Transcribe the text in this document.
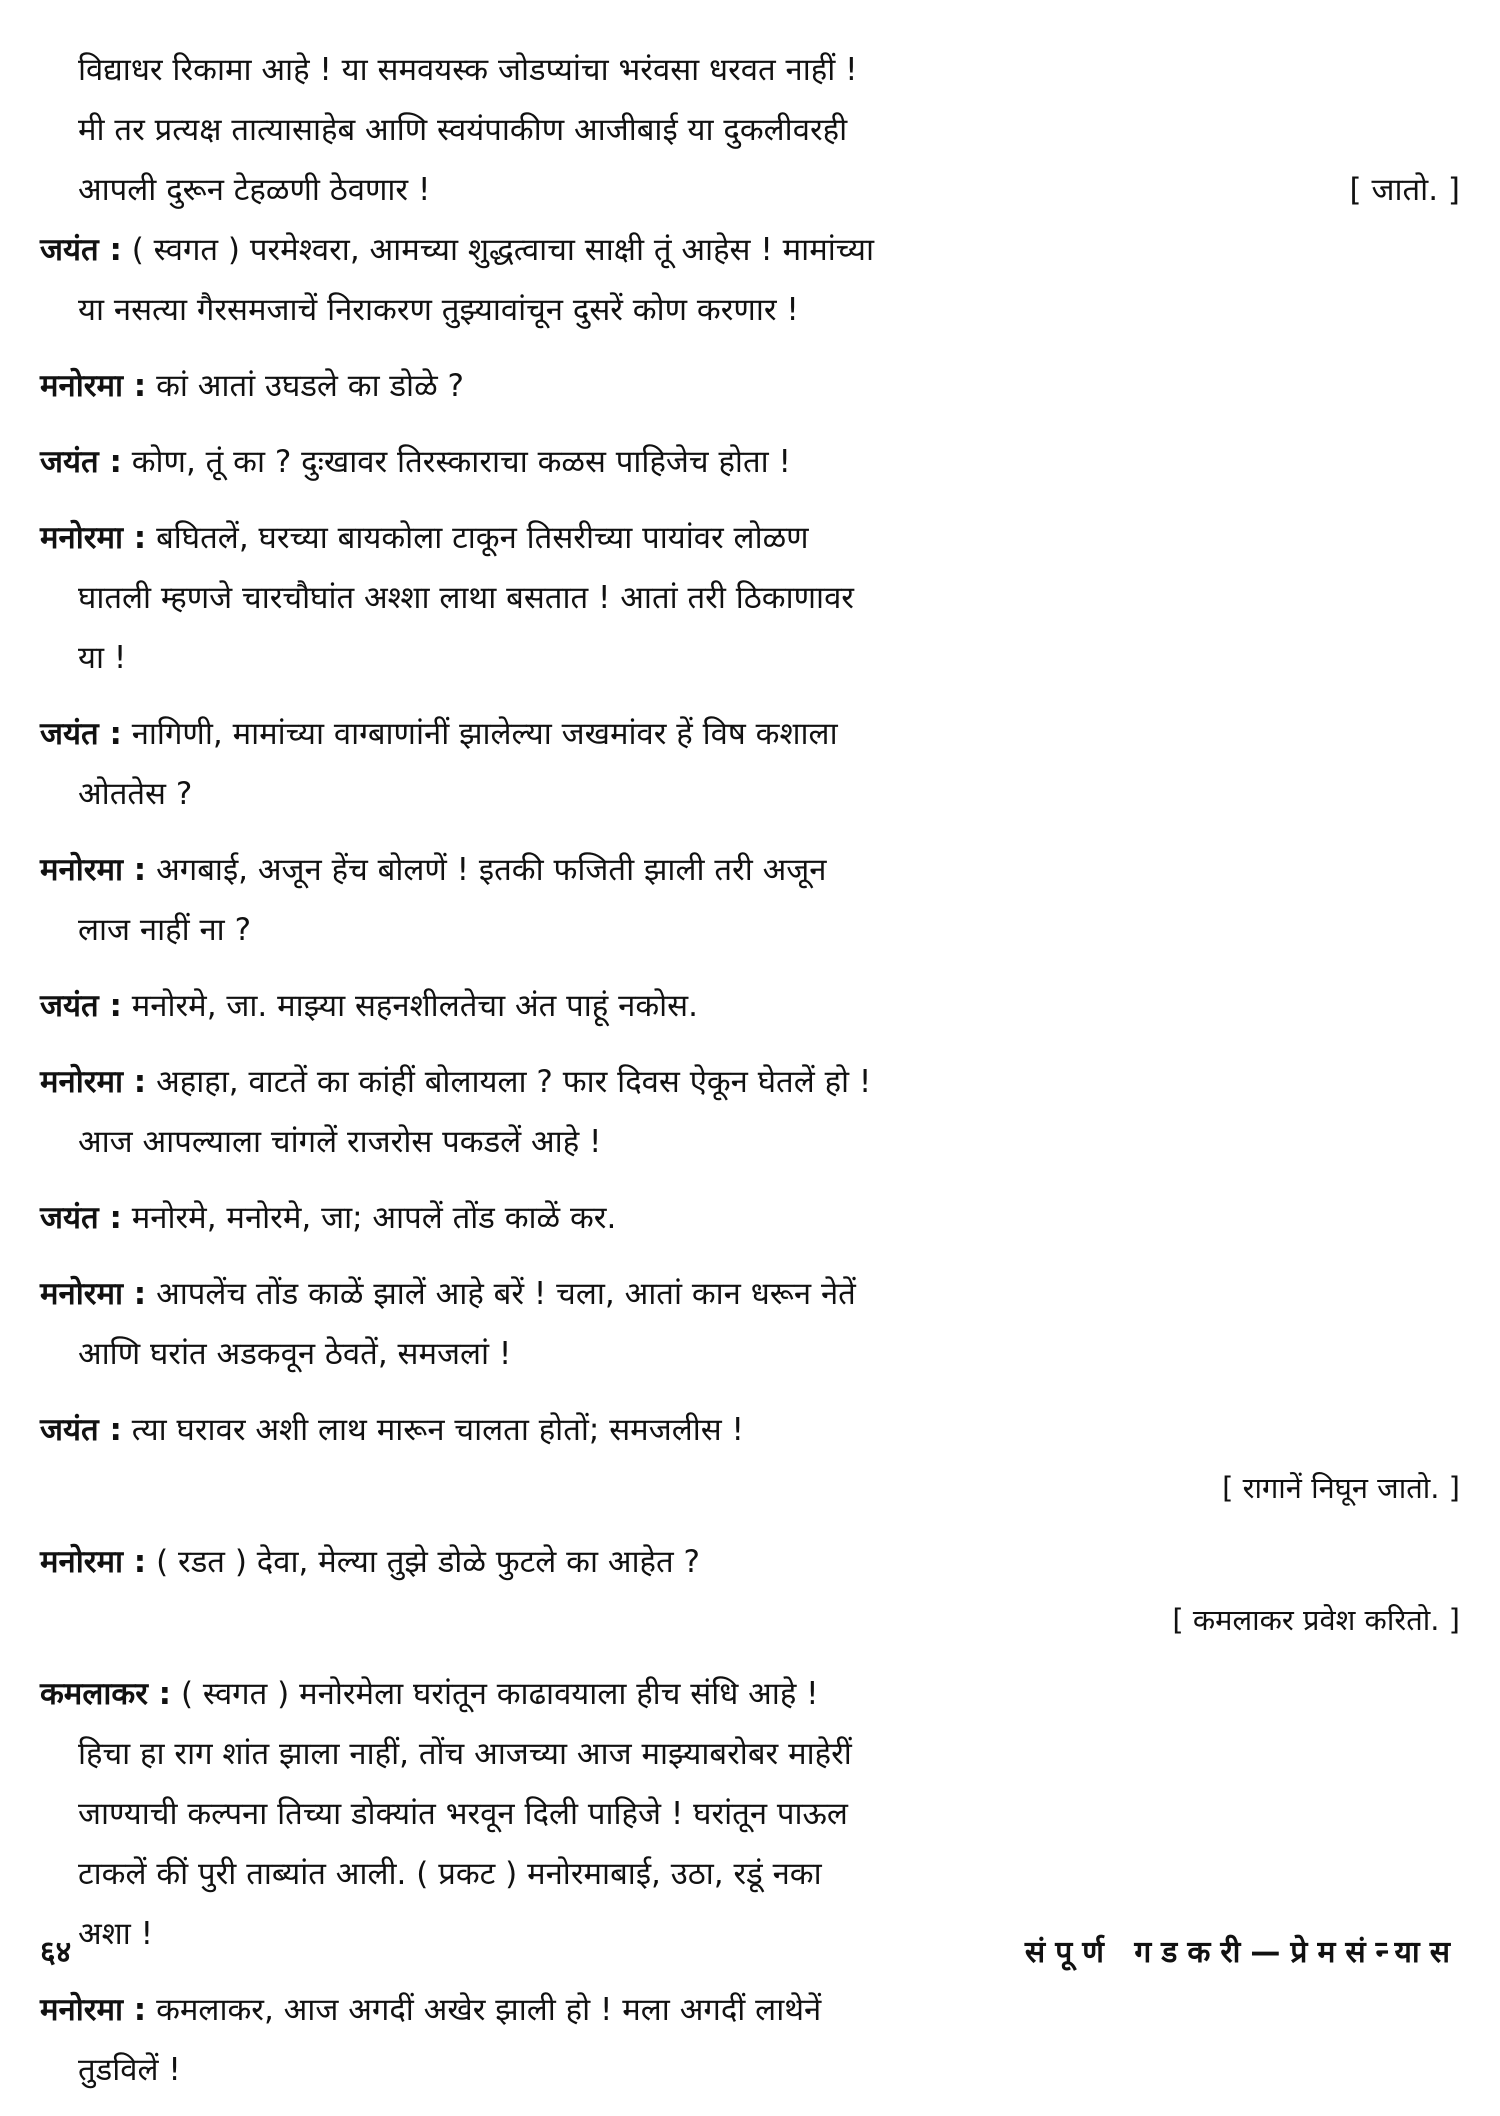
विद्याधर रिकामा आहे ! या समवयस्क जोडप्यांचा भरंवसा धरवत नाहीं !
मी तर प्रत्यक्ष तात्यासाहेब आणि स्वयंपाकीण आजीबाई या दुकलीवरही
आपली दुरून टेहळणी ठेवणार !	[ जातो. ]
जयंत : ( स्वगत ) परमेश्वरा, आमच्या शुद्धत्वाचा साक्षी तूं आहेस ! मामांच्या
या नसत्या गैरसमजाचें निराकरण तुझ्यावांचून दुसरें कोण करणार !
मनोरमा : कां आतां उघडले का डोळे ?
जयंत : कोण, तूं का ? दुःखावर तिरस्काराचा कळस पाहिजेच होता !
मनोरमा : बघितलें, घरच्या बायकोला टाकून तिसरीच्या पायांवर लोळण
घातली म्हणजे चारचौघांत अश्शा लाथा बसतात ! आतां तरी ठिकाणावर
या !
जयंत : नागिणी, मामांच्या वाग्बाणांनीं झालेल्या जखमांवर हें विष कशाला
ओततेस ?
मनोरमा : अगबाई, अजून हेंच बोलणें ! इतकी फजिती झाली तरी अजून
लाज नाहीं ना ?
जयंत : मनोरमे, जा. माझ्या सहनशीलतेचा अंत पाहूं नकोस.
मनोरमा : अहाहा, वाटतें का कांहीं बोलायला ? फार दिवस ऐकून घेतलें हो !
आज आपल्याला चांगलें राजरोस पकडलें आहे !
जयंत : मनोरमे, मनोरमे, जा; आपलें तोंड काळें कर.
मनोरमा : आपलेंच तोंड काळें झालें आहे बरें ! चला, आतां कान धरून नेतें
आणि घरांत अडकवून ठेवतें, समजलां !
जयंत : त्या घरावर अशी लाथ मारून चालता होतों; समजलीस !
[ रागानें निघून जातो. ]
मनोरमा : ( रडत ) देवा, मेल्या तुझे डोळे फुटले का आहेत ?
[ कमलाकर प्रवेश करितो. ]
कमलाकर : ( स्वगत ) मनोरमेला घरांतून काढावयाला हीच संधि आहे !
हिचा हा राग शांत झाला नाहीं, तोंच आजच्या आज माझ्याबरोबर माहेरीं
जाण्याची कल्पना तिच्या डोक्यांत भरवून दिली पाहिजे ! घरांतून पाऊल
टाकलें कीं पुरी ताब्यांत आली. ( प्रकट ) मनोरमाबाई, उठा, रडूं नका
अशा !
मनोरमा : कमलाकर, आज अगदीं अखेर झाली हो ! मला अगदीं लाथेनें
तुडविलें !
६४	संपूर्ण गडकरी—प्रेमसंन्यास
